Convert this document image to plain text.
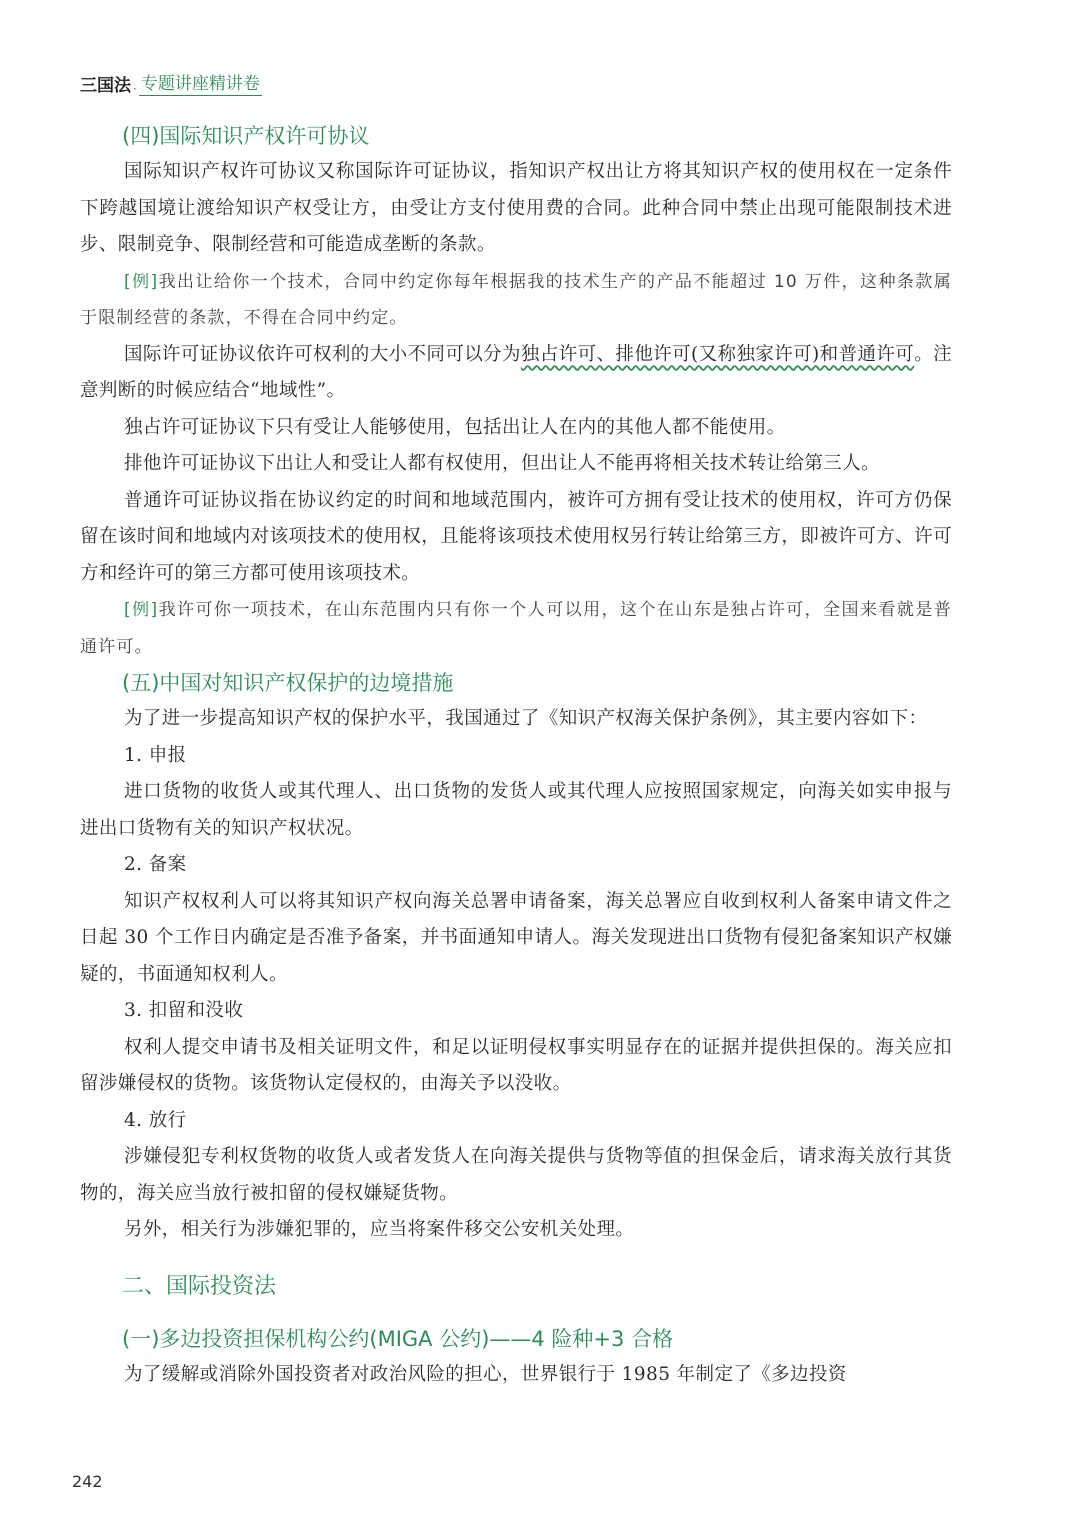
三国法 · 专题讲座精讲卷

(四)国际知识产权许可协议

国际知识产权许可协议又称国际许可证协议，指知识产权出让方将其知识产权的使用权在一定条件下跨越国境让渡给知识产权受让方，由受让方支付使用费的合同。此种合同中禁止出现可能限制技术进步、限制竞争、限制经营和可能造成垄断的条款。

[例]我出让给你一个技术，合同中约定你每年根据我的技术生产的产品不能超过 10 万件，这种条款属于限制经营的条款，不得在合同中约定。

国际许可证协议依许可权利的大小不同可以分为独占许可、排他许可(又称独家许可)和普通许可。注意判断的时候应结合“地域性”。

独占许可证协议下只有受让人能够使用，包括出让人在内的其他人都不能使用。

排他许可证协议下出让人和受让人都有权使用，但出让人不能再将相关技术转让给第三人。

普通许可证协议指在协议约定的时间和地域范围内，被许可方拥有受让技术的使用权，许可方仍保留在该时间和地域内对该项技术的使用权，且能将该项技术使用权另行转让给第三方，即被许可方、许可方和经许可的第三方都可使用该项技术。

[例]我许可你一项技术，在山东范围内只有你一个人可以用，这个在山东是独占许可，全国来看就是普通许可。

(五)中国对知识产权保护的边境措施

为了进一步提高知识产权的保护水平，我国通过了《知识产权海关保护条例》，其主要内容如下：

1. 申报

进口货物的收货人或其代理人、出口货物的发货人或其代理人应按照国家规定，向海关如实申报与进出口货物有关的知识产权状况。

2. 备案

知识产权权利人可以将其知识产权向海关总署申请备案，海关总署应自收到权利人备案申请文件之日起 30 个工作日内确定是否准予备案，并书面通知申请人。海关发现进出口货物有侵犯备案知识产权嫌疑的，书面通知权利人。

3. 扣留和没收

权利人提交申请书及相关证明文件，和足以证明侵权事实明显存在的证据并提供担保的。海关应扣留涉嫌侵权的货物。该货物认定侵权的，由海关予以没收。

4. 放行

涉嫌侵犯专利权货物的收货人或者发货人在向海关提供与货物等值的担保金后，请求海关放行其货物的，海关应当放行被扣留的侵权嫌疑货物。

另外，相关行为涉嫌犯罪的，应当将案件移交公安机关处理。

二、国际投资法

(一)多边投资担保机构公约(MIGA 公约)——4 险种+3 合格

为了缓解或消除外国投资者对政治风险的担心，世界银行于 1985 年制定了《多边投资

242
